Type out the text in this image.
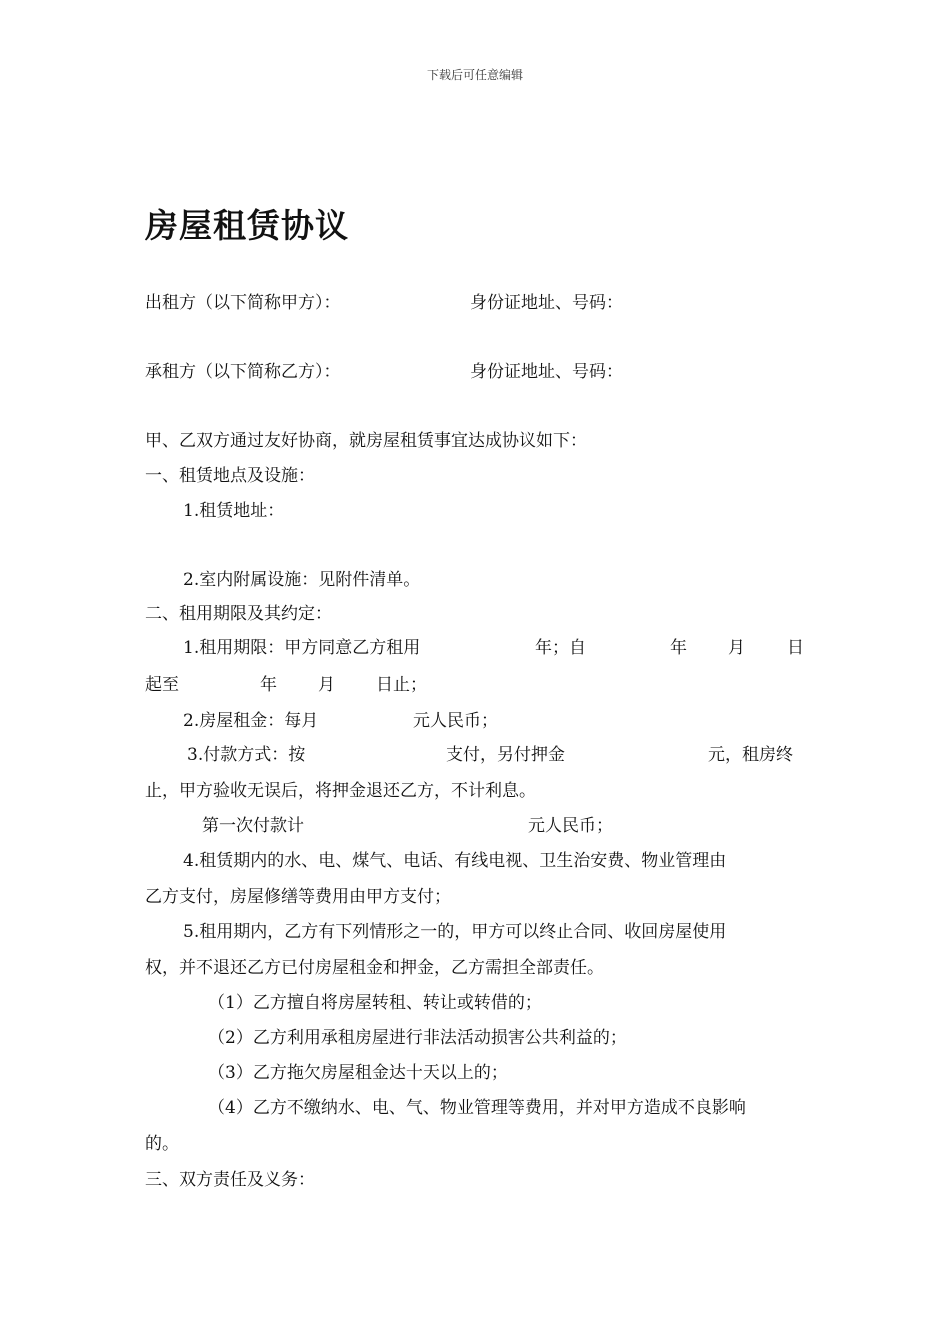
下载后可任意编辑
房屋租赁协议
出租方（以下简称甲方）：	身份证地址、号码：
承租方（以下简称乙方）：	身份证地址、号码：
甲、乙双方通过友好协商，就房屋租赁事宜达成协议如下：
一、租赁地点及设施：
1.租赁地址：
2.室内附属设施：见附件清单。
二、租用期限及其约定：
1.租用期限：甲方同意乙方租用	年；自	年 月 日
起至	年 月 日止；
2.房屋租金：每月	元人民币；
3.付款方式：按	支付，另付押金	元，租房终
止，甲方验收无误后，将押金退还乙方，不计利息。
第一次付款计	元人民币；
4.租赁期内的水、电、煤气、电话、有线电视、卫生治安费、物业管理由
乙方支付，房屋修缮等费用由甲方支付；
5.租用期内，乙方有下列情形之一的，甲方可以终止合同、收回房屋使用
权，并不退还乙方已付房屋租金和押金，乙方需担全部责任。
（1）乙方擅自将房屋转租、转让或转借的；
（2）乙方利用承租房屋进行非法活动损害公共利益的；
（3）乙方拖欠房屋租金达十天以上的；
（4）乙方不缴纳水、电、气、物业管理等费用，并对甲方造成不良影响
的。
三、双方责任及义务：
